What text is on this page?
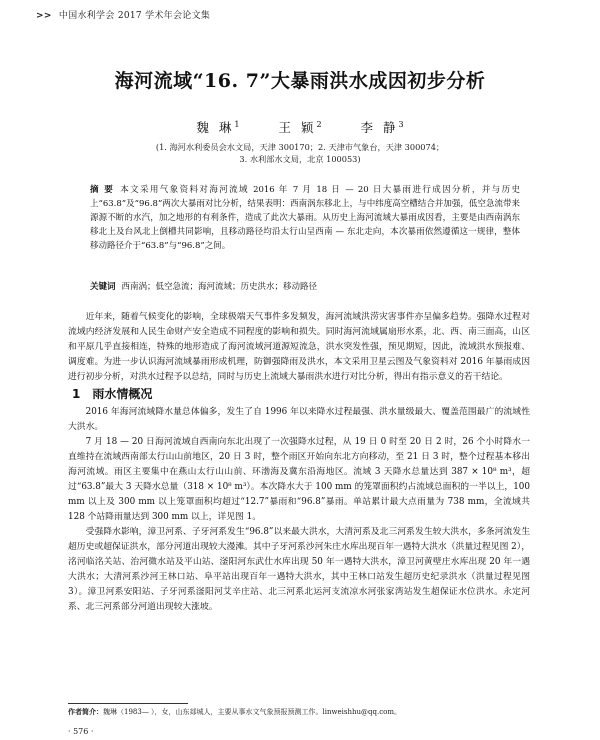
>> 中国水利学会 2017 学术年会论文集
海河流域“16. 7”大暴雨洪水成因初步分析
魏 琳$^1$	王 颖$^2$	李 静$^3$
(1. 海河水利委员会水文局，天津 300170；2. 天津市气象台，天津 300074；
3. 水利部水文局，北京 100053)
摘 要 本文采用气象资料对海河流域 2016 年 7 月 18 日 — 20 日大暴雨进行成因分析，并与历史上“63.8”及“96.8”两次大暴雨对比分析，结果表明：西南涡东移北上，与中纬度高空槽结合并加强，低空急流带来源源不断的水汽，加之地形的有利条件，造成了此次大暴雨。从历史上海河流域大暴雨成因看，主要是由西南涡东移北上及台风北上倒槽共同影响，且移动路径均沿太行山呈西南 — 东北走向，本次暴雨依然遵循这一规律，整体移动路径介于“63.8”与“96.8”之间。
关键词 西南涡；低空急流；海河流域；历史洪水；移动路径

近年来，随着气候变化的影响，全球极端天气事件多发频发，海河流域洪涝灾害事件亦呈偏多趋势。强降水过程对流域内经济发展和人民生命财产安全造成不同程度的影响和损失。同时海河流域属扇形水系，北、西、南三面高，山区和平原几乎直接相连，特殊的地形造成了海河流域河道源短流急，洪水突发性强，预见期短，因此，流域洪水预报难、调度难。为进一步认识海河流域暴雨形成机理，防御强降雨及洪水，本文采用卫星云图及气象资料对 2016 年暴雨成因进行初步分析，对洪水过程予以总结，同时与历史上流域大暴雨洪水进行对比分析，得出有指示意义的若干结论。

1 雨水情概况

2016 年海河流域降水量总体偏多，发生了自 1996 年以来降水过程最强、洪水量级最大、覆盖范围最广的流域性大洪水。

7 月 18 — 20 日海河流域自西南向东北出现了一次强降水过程，从 19 日 0 时至 20 日 2 时，26 个小时降水一直维持在流域西南部太行山山前地区，20 日 3 时，整个雨区开始向东北方向移动，至 21 日 3 时，整个过程基本移出海河流域。雨区主要集中在燕山太行山山前、环渤海及冀东沿海地区。流域 3 天降水总量达到 387 × 10⁸ m³，超过“63.8”最大 3 天降水总量（318 × 10⁸ m³）。本次降水大于 100 mm 的笼罩面积约占流域总面积的一半以上，100 mm 以上及 300 mm 以上笼罩面积均超过“12.7”暴雨和“96.8”暴雨。单站累计最大点雨量为 738 mm，全流域共 128 个站降雨量达到 300 mm 以上，详见图 1。

受强降水影响，漳卫河系、子牙河系发生“96.8”以来最大洪水，大清河系及北三河系发生较大洪水，多条河流发生超历史或超保证洪水，部分河道出现较大漫滩。其中子牙河系沙河朱庄水库出现百年一遇特大洪水（洪量过程见图 2），洺河临洺关站、治河微水站及平山站、滏阳河东武仕水库出现 50 年一遇特大洪水，漳卫河黄壁庄水库出现 20 年一遇大洪水；大清河系沙河王林口站、阜平站出现百年一遇特大洪水，其中王林口站发生超历史纪录洪水（洪量过程见图 3）。漳卫河系安阳站、子牙河系滏阳河艾辛庄站、北三河系北运河支流凉水河张家湾站发生超保证水位洪水。永定河系、北三河系部分河道出现较大涨坡。

作者简介：魏琳（1983— ），女，山东郯城人，主要从事水文气象预报预测工作。linweishhu@qq.com。
· 576 ·
